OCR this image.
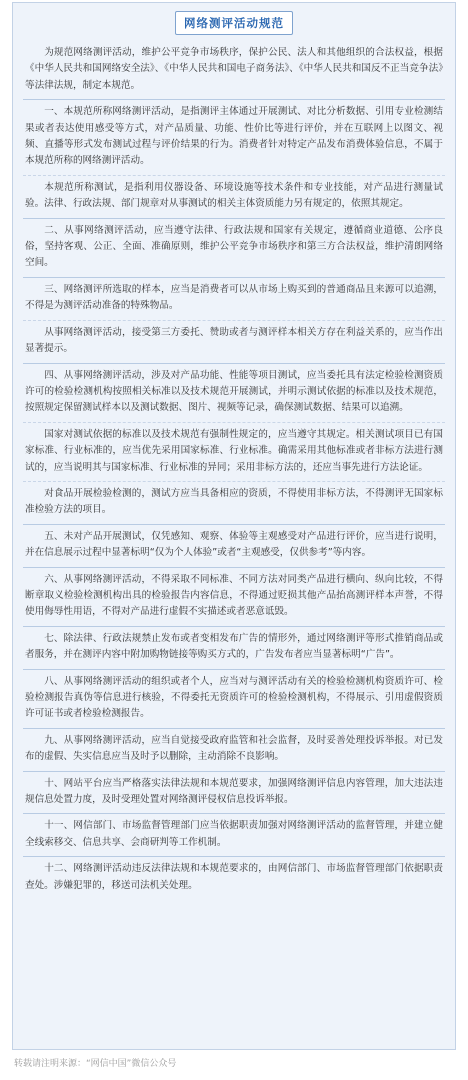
网络测评活动规范

为规范网络测评活动，维护公平竞争市场秩序，保护公民、法人和其他组织的合法权益，根据《中华人民共和国网络安全法》、《中华人民共和国电子商务法》、《中华人民共和国反不正当竞争法》等法律法规，制定本规范。

一、本规范所称网络测评活动，是指测评主体通过开展测试、对比分析数据、引用专业检测结果或者表达使用感受等方式，对产品质量、功能、性价比等进行评价，并在互联网上以图文、视频、直播等形式发布测试过程与评价结果的行为。消费者针对特定产品发布消费体验信息，不属于本规范所称的网络测评活动。

本规范所称测试，是指利用仪器设备、环境设施等技术条件和专业技能，对产品进行测量试验。法律、行政法规、部门规章对从事测试的相关主体资质能力另有规定的，依照其规定。

二、从事网络测评活动，应当遵守法律、行政法规和国家有关规定，遵循商业道德、公序良俗，坚持客观、公正、全面、准确原则，维护公平竞争市场秩序和第三方合法权益，维护清朗网络空间。

三、网络测评所选取的样本，应当是消费者可以从市场上购买到的普通商品且来源可以追溯，不得是为测评活动准备的特殊物品。

从事网络测评活动，接受第三方委托、赞助或者与测评样本相关方存在利益关系的，应当作出显著提示。

四、从事网络测评活动，涉及对产品功能、性能等项目测试，应当委托具有法定检验检测资质许可的检验检测机构按照相关标准以及技术规范开展测试，并明示测试依据的标准以及技术规范，按照规定保留测试样本以及测试数据、图片、视频等记录，确保测试数据、结果可以追溯。

国家对测试依据的标准以及技术规范有强制性规定的，应当遵守其规定。相关测试项目已有国家标准、行业标准的，应当优先采用国家标准、行业标准。确需采用其他标准或者非标方法进行测试的，应当说明其与国家标准、行业标准的异同；采用非标方法的，还应当事先进行方法论证。

对食品开展检验检测的，测试方应当具备相应的资质，不得使用非标方法，不得测评无国家标准检验方法的项目。

五、未对产品开展测试，仅凭感知、观察、体验等主观感受对产品进行评价，应当进行说明，并在信息展示过程中显著标明“仅为个人体验”或者“主观感受，仅供参考”等内容。

六、从事网络测评活动，不得采取不同标准、不同方法对同类产品进行横向、纵向比较，不得断章取义检验检测机构出具的检验报告内容信息，不得通过贬损其他产品抬高测评样本声誉，不得使用侮辱性用语，不得对产品进行虚假不实描述或者恶意诋毁。

七、除法律、行政法规禁止发布或者变相发布广告的情形外，通过网络测评等形式推销商品或者服务，并在测评内容中附加购物链接等购买方式的，广告发布者应当显著标明“广告”。

八、从事网络测评活动的组织或者个人，应当对与测评活动有关的检验检测机构资质许可、检验检测报告真伪等信息进行核验，不得委托无资质许可的检验检测机构，不得展示、引用虚假资质许可证书或者检验检测报告。

九、从事网络测评活动，应当自觉接受政府监管和社会监督，及时妥善处理投诉举报。对已发布的虚假、失实信息应当及时予以删除，主动消除不良影响。

十、网站平台应当严格落实法律法规和本规范要求，加强网络测评信息内容管理，加大违法违规信息处置力度，及时受理处置对网络测评侵权信息投诉举报。

十一、网信部门、市场监督管理部门应当依据职责加强对网络测评活动的监督管理，并建立健全线索移交、信息共享、会商研判等工作机制。

十二、网络测评活动违反法律法规和本规范要求的，由网信部门、市场监督管理部门依据职责查处。涉嫌犯罪的，移送司法机关处理。

转载请注明来源：“网信中国”微信公众号
